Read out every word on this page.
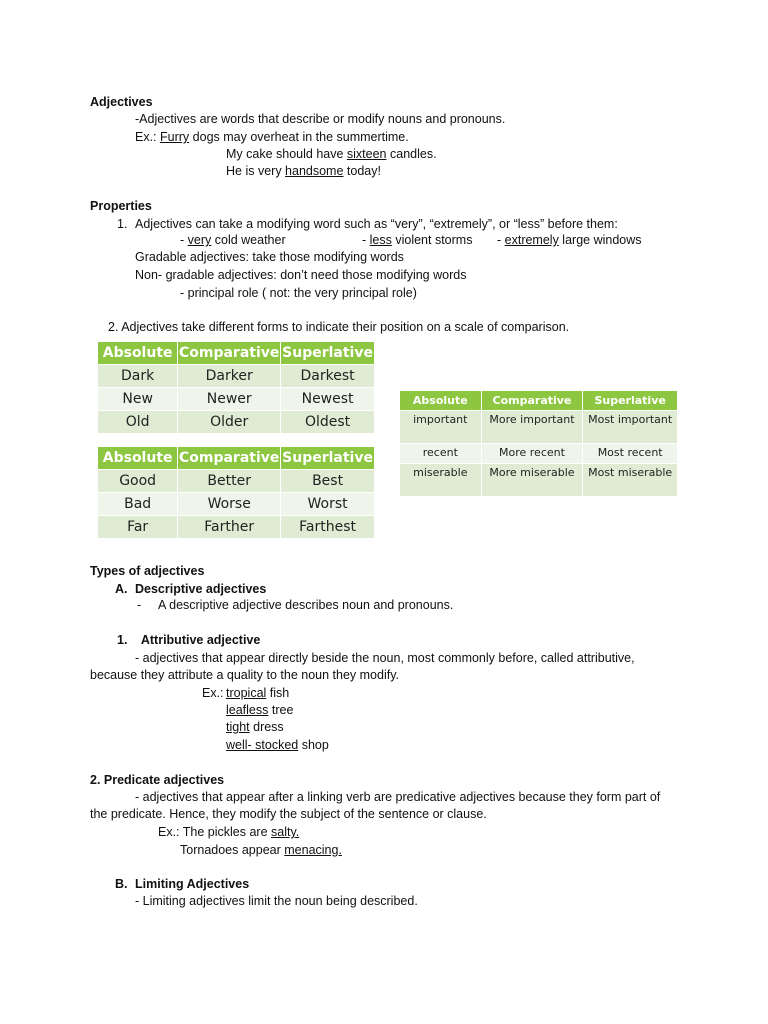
Adjectives
-Adjectives are words that describe or modify nouns and pronouns.
Ex.: Furry dogs may overheat in the summertime.
My cake should have sixteen candles.
He is very handsome today!
Properties
1. Adjectives can take a modifying word such as “very”, “extremely”, or “less” before them:
- very cold weather	- less violent storms - extremely large windows
Gradable adjectives: take those modifying words
Non- gradable adjectives: don’t need those modifying words
- principal role ( not: the very principal role)
2. Adjectives take different forms to indicate their position on a scale of comparison.
Absolute	Comparative	Superlative
Dark	Darker	Darkest
New	Newer	Newest
Old	Older	Oldest
Absolute	Comparative	Superlative
Good	Better	Best
Bad	Worse	Worst
Far	Farther	Farthest
Absolute	Comparative	Superlative
important	More important	Most important
recent	More recent	Most recent
miserable	More miserable	Most miserable
Types of adjectives
A. Descriptive adjectives
- A descriptive adjective describes noun and pronouns.
1.    Attributive adjective
- adjectives that appear directly beside the noun, most commonly before, called attributive,
because they attribute a quality to the noun they modify.
Ex.: tropical fish
leafless tree
tight dress
well- stocked shop
2. Predicate adjectives
- adjectives that appear after a linking verb are predicative adjectives because they form part of
the predicate. Hence, they modify the subject of the sentence or clause.
Ex.: The pickles are salty.
Tornadoes appear menacing.
B. Limiting Adjectives
- Limiting adjectives limit the noun being described.
